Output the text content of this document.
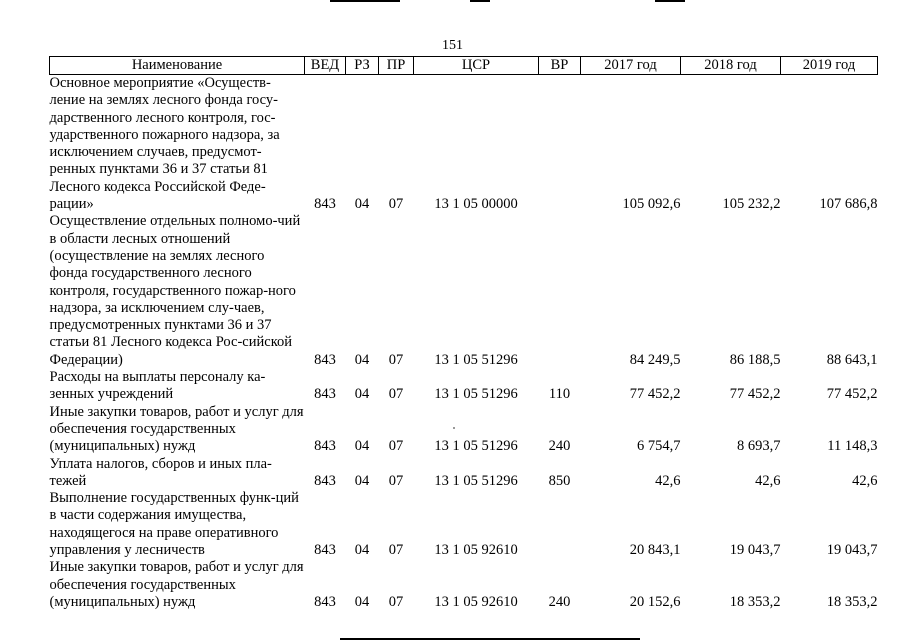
151
Наименование	ВЕД	РЗ	ПР	ЦСР	ВР	2017 год	2018 год	2019 год
Основное мероприятие «Осуществ-ление на землях лесного фонда госу-дарственного лесного контроля, гос-ударственного пожарного надзора, за исключением случаев, предусмот-ренных пунктами 36 и 37 статьи 81 Лесного кодекса Российской Феде-рации»	843	04	07	13 1 05 00000		105 092,6	105 232,2	107 686,8
Осуществление отдельных полномо-чий в области лесных отношений (осуществление на землях лесного фонда государственного лесного контроля, государственного пожар-ного надзора, за исключением слу-чаев, предусмотренных пунктами 36 и 37 статьи 81 Лесного кодекса Рос-сийской Федерации)	843	04	07	13 1 05 51296		84 249,5	86 188,5	88 643,1
Расходы на выплаты персоналу ка-зенных учреждений	843	04	07	13 1 05 51296	110	77 452,2	77 452,2	77 452,2
Иные закупки товаров, работ и услуг для обеспечения государственных (муниципальных) нужд	843	04	07	13 1 05 51296	240	6 754,7	8 693,7	11 148,3
Уплата налогов, сборов и иных пла-тежей	843	04	07	13 1 05 51296	850	42,6	42,6	42,6
Выполнение государственных функ-ций в части содержания имущества, находящегося на праве оперативного управления у лесничеств	843	04	07	13 1 05 92610		20 843,1	19 043,7	19 043,7
Иные закупки товаров, работ и услуг для обеспечения государственных (муниципальных) нужд	843	04	07	13 1 05 92610	240	20 152,6	18 353,2	18 353,2
